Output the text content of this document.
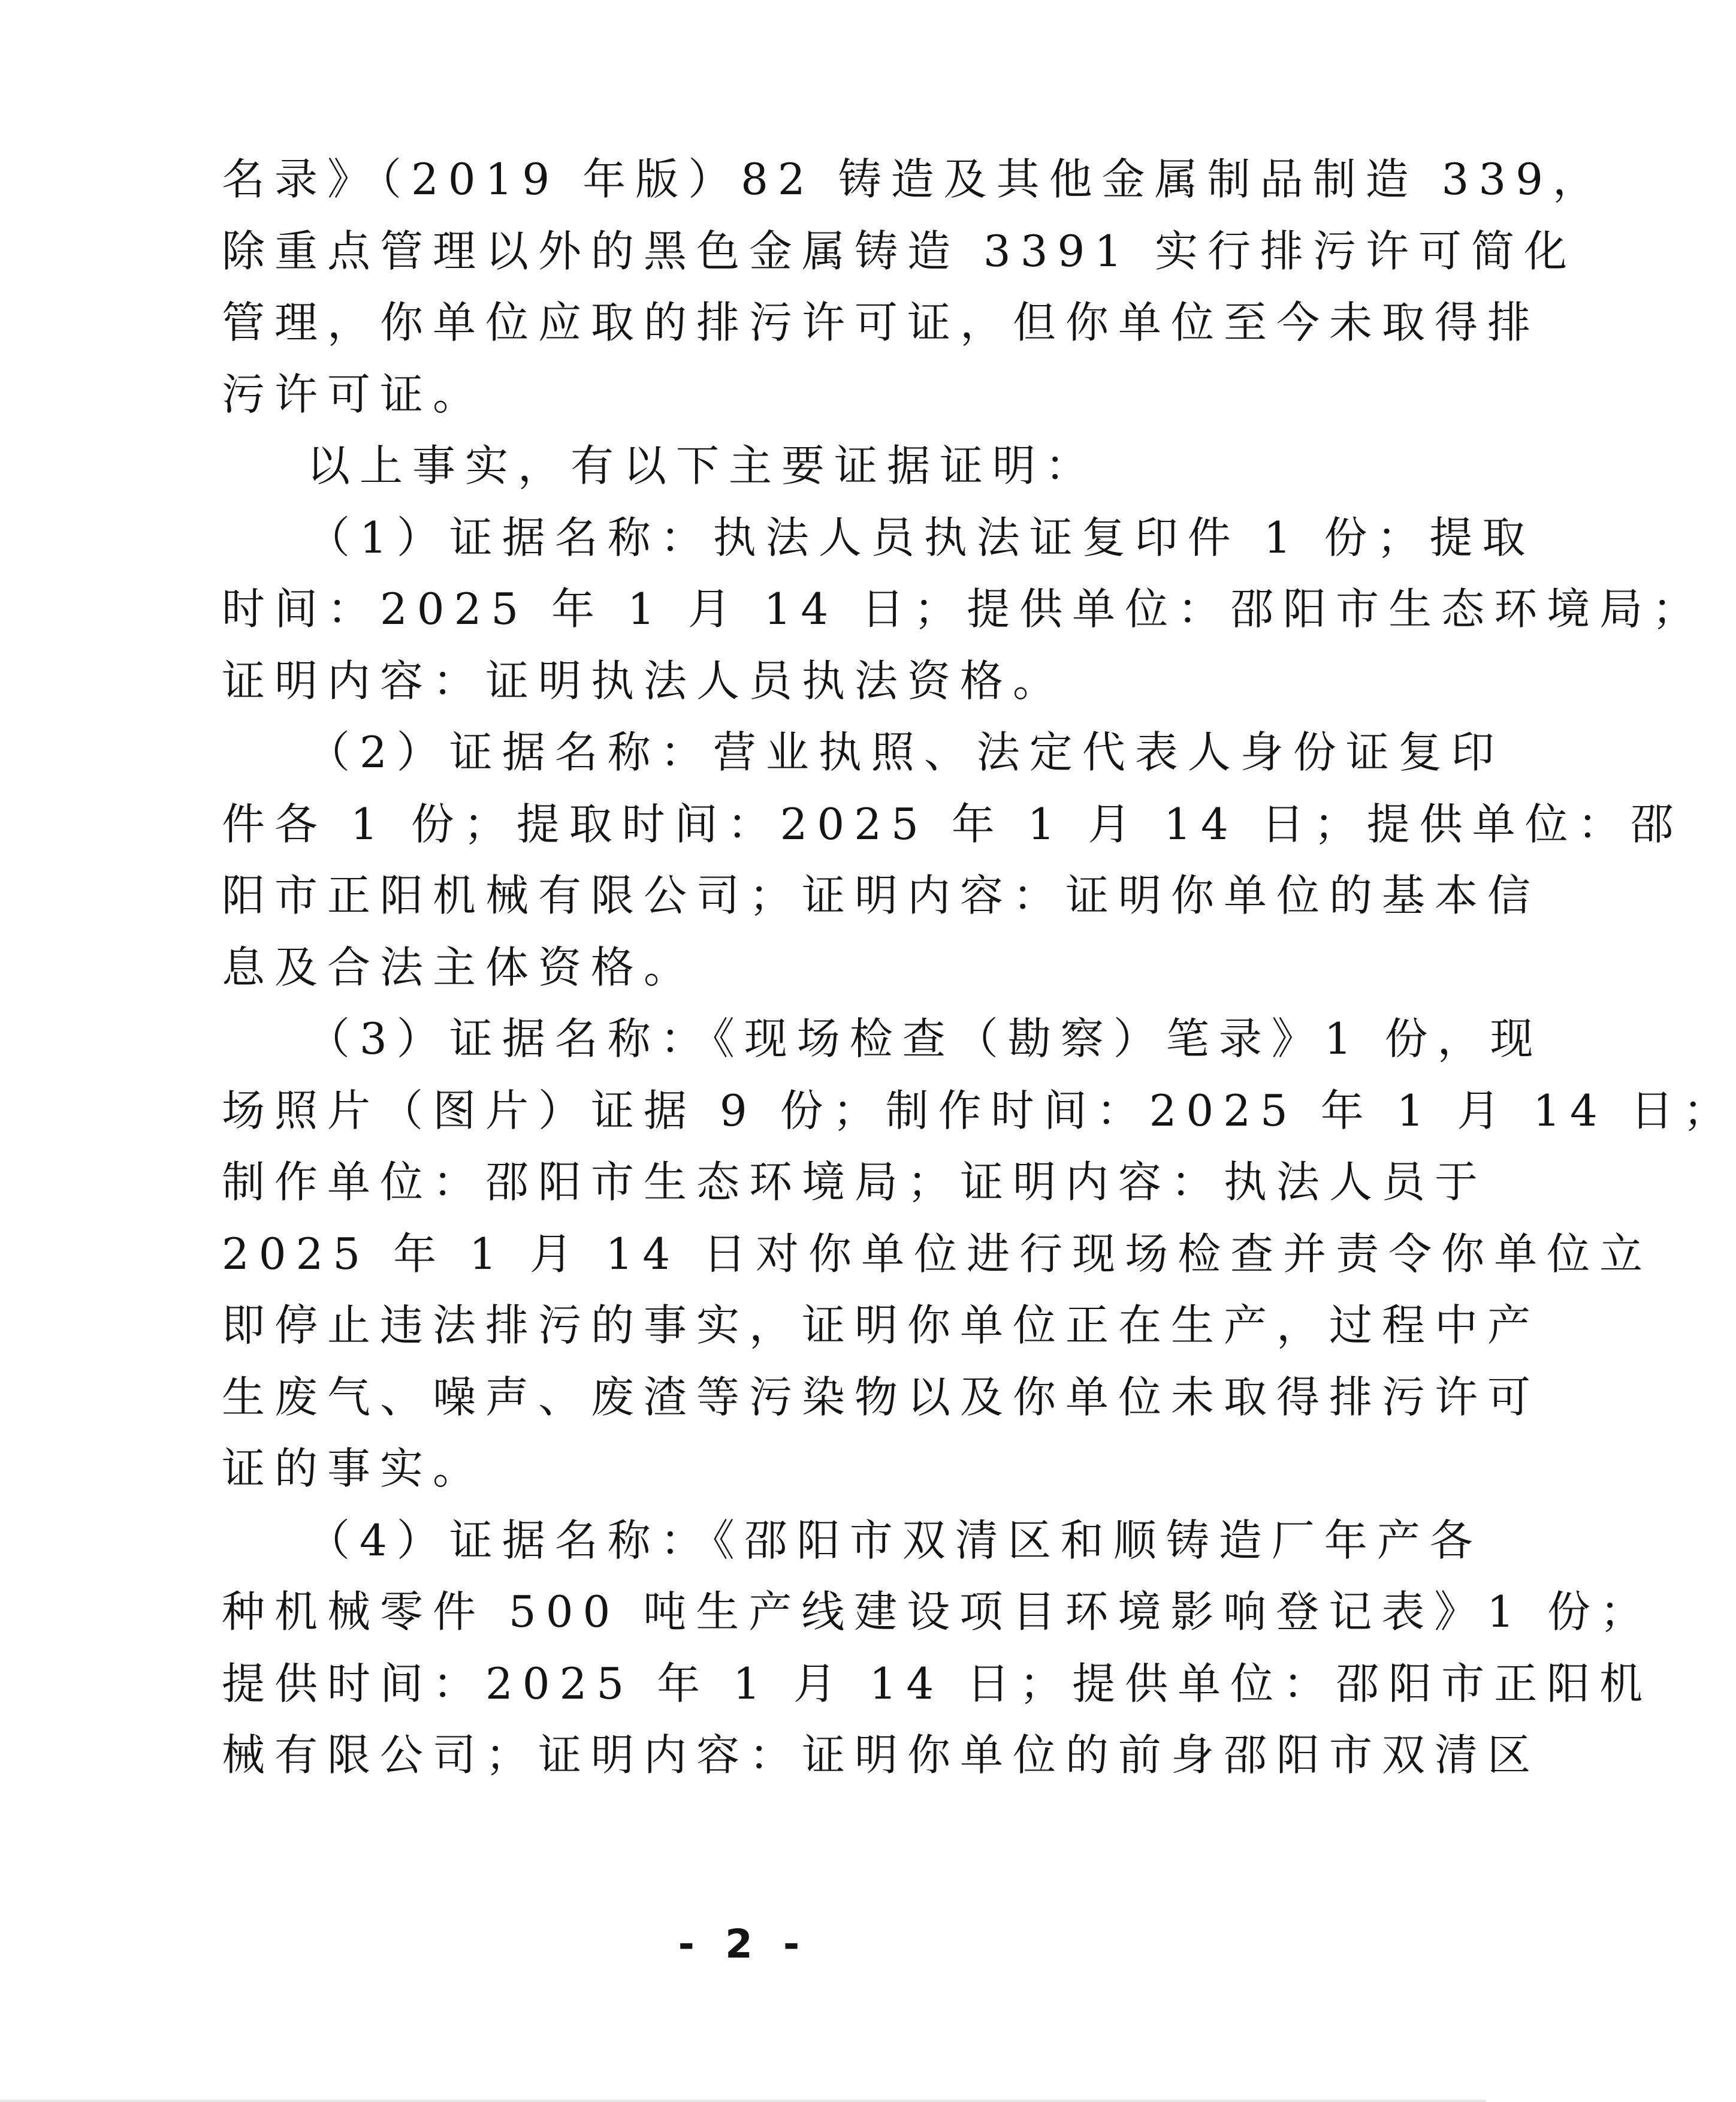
名录》（2019 年版）82 铸造及其他金属制品制造 339，
除重点管理以外的黑色金属铸造 3391 实行排污许可简化
管理，你单位应取的排污许可证，但你单位至今未取得排
污许可证。
以上事实，有以下主要证据证明：
（1）证据名称：执法人员执法证复印件 1 份；提取
时间：2025 年 1 月 14 日；提供单位：邵阳市生态环境局；
证明内容：证明执法人员执法资格。
（2）证据名称：营业执照、法定代表人身份证复印
件各 1 份；提取时间：2025 年 1 月 14 日；提供单位：邵
阳市正阳机械有限公司；证明内容：证明你单位的基本信
息及合法主体资格。
（3）证据名称：《现场检查（勘察）笔录》1 份，现
场照片（图片）证据 9 份；制作时间：2025 年 1 月 14 日；
制作单位：邵阳市生态环境局；证明内容：执法人员于
2025 年 1 月 14 日对你单位进行现场检查并责令你单位立
即停止违法排污的事实，证明你单位正在生产，过程中产
生废气、噪声、废渣等污染物以及你单位未取得排污许可
证的事实。
（4）证据名称：《邵阳市双清区和顺铸造厂年产各
种机械零件 500 吨生产线建设项目环境影响登记表》1 份；
提供时间：2025 年 1 月 14 日；提供单位：邵阳市正阳机
械有限公司；证明内容：证明你单位的前身邵阳市双清区
- 2 -
